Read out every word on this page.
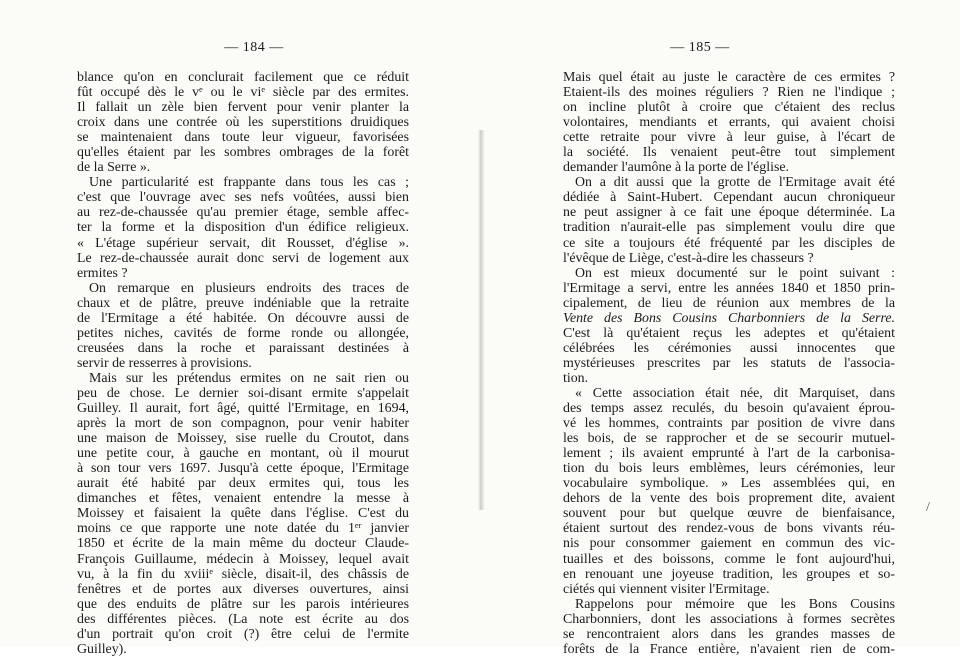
— 184 —
blance qu'on en conclurait facilement que ce réduit
fût occupé dès le vᵉ ou le viᵉ siècle par des ermites.
Il fallait un zèle bien fervent pour venir planter la
croix dans une contrée où les superstitions druidiques
se maintenaient dans toute leur vigueur, favorisées
qu'elles étaient par les sombres ombrages de la forêt
de la Serre ».
Une particularité est frappante dans tous les cas ;
c'est que l'ouvrage avec ses nefs voûtées, aussi bien
au rez-de-chaussée qu'au premier étage, semble affec-
ter la forme et la disposition d'un édifice religieux.
« L'étage supérieur servait, dit Rousset, d'église ».
Le rez-de-chaussée aurait donc servi de logement aux
ermites ?
On remarque en plusieurs endroits des traces de
chaux et de plâtre, preuve indéniable que la retraite
de l'Ermitage a été habitée. On découvre aussi de
petites niches, cavités de forme ronde ou allongée,
creusées dans la roche et paraissant destinées à
servir de resserres à provisions.
Mais sur les prétendus ermites on ne sait rien ou
peu de chose. Le dernier soi-disant ermite s'appelait
Guilley. Il aurait, fort âgé, quitté l'Ermitage, en 1694,
après la mort de son compagnon, pour venir habiter
une maison de Moissey, sise ruelle du Croutot, dans
une petite cour, à gauche en montant, où il mourut
à son tour vers 1697. Jusqu'à cette époque, l'Ermitage
aurait été habité par deux ermites qui, tous les
dimanches et fêtes, venaient entendre la messe à
Moissey et faisaient la quête dans l'église. C'est du
moins ce que rapporte une note datée du 1ᵉʳ janvier
1850 et écrite de la main même du docteur Claude-
François Guillaume, médecin à Moissey, lequel avait
vu, à la fin du xviiiᵉ siècle, disait-il, des châssis de
fenêtres et de portes aux diverses ouvertures, ainsi
que des enduits de plâtre sur les parois intérieures
des différentes pièces. (La note est écrite au dos
d'un portrait qu'on croit (?) être celui de l'ermite
Guilley).
— 185 —
Mais quel était au juste le caractère de ces ermites ?
Etaient-ils des moines réguliers ? Rien ne l'indique ;
on incline plutôt à croire que c'étaient des reclus
volontaires, mendiants et errants, qui avaient choisi
cette retraite pour vivre à leur guise, à l'écart de
la société. Ils venaient peut-être tout simplement
demander l'aumône à la porte de l'église.
On a dit aussi que la grotte de l'Ermitage avait été
dédiée à Saint-Hubert. Cependant aucun chroniqueur
ne peut assigner à ce fait une époque déterminée. La
tradition n'aurait-elle pas simplement voulu dire que
ce site a toujours été fréquenté par les disciples de
l'évêque de Liège, c'est-à-dire les chasseurs ?
On est mieux documenté sur le point suivant :
l'Ermitage a servi, entre les années 1840 et 1850 prin-
cipalement, de lieu de réunion aux membres de la
Vente des Bons Cousins Charbonniers de la Serre.
C'est là qu'étaient reçus les adeptes et qu'étaient
célébrées les cérémonies aussi innocentes que
mystérieuses prescrites par les statuts de l'associa-
tion.
« Cette association était née, dit Marquiset, dans
des temps assez reculés, du besoin qu'avaient éprou-
vé les hommes, contraints par position de vivre dans
les bois, de se rapprocher et de se secourir mutuel-
lement ; ils avaient emprunté à l'art de la carbonisa-
tion du bois leurs emblèmes, leurs cérémonies, leur
vocabulaire symbolique. » Les assemblées qui, en
dehors de la vente des bois proprement dite, avaient
souvent pour but quelque œuvre de bienfaisance,
étaient surtout des rendez-vous de bons vivants réu-
nis pour consommer gaiement en commun des vic-
tuailles et des boissons, comme le font aujourd'hui,
en renouant une joyeuse tradition, les groupes et so-
ciétés qui viennent visiter l'Ermitage.
Rappelons pour mémoire que les Bons Cousins
Charbonniers, dont les associations à formes secrètes
se rencontraient alors dans les grandes masses de
forêts de la France entière, n'avaient rien de com-
/
